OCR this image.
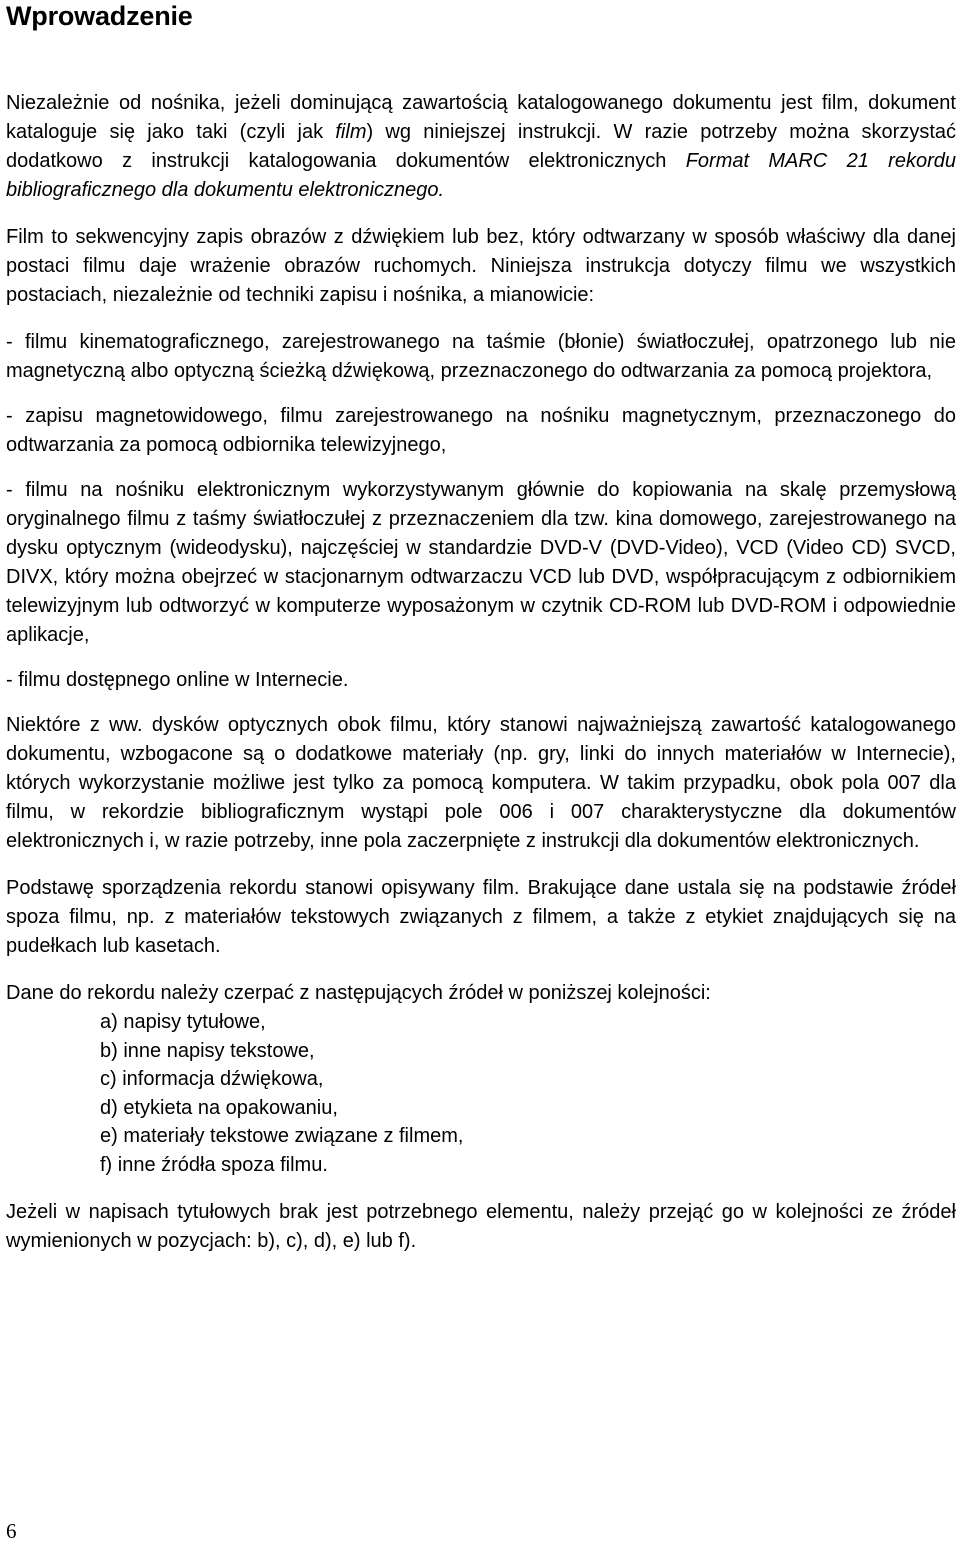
Wprowadzenie

Niezależnie od nośnika, jeżeli dominującą zawartością katalogowanego dokumentu jest film, dokument kataloguje się jako taki (czyli jak film) wg niniejszej instrukcji. W razie potrzeby można skorzystać dodatkowo z instrukcji katalogowania dokumentów elektronicznych Format MARC 21 rekordu bibliograficznego dla dokumentu elektronicznego.

Film to sekwencyjny zapis obrazów z dźwiękiem lub bez, który odtwarzany w sposób właściwy dla danej postaci filmu daje wrażenie obrazów ruchomych. Niniejsza instrukcja dotyczy filmu we wszystkich postaciach, niezależnie od techniki zapisu i nośnika, a mianowicie:

- filmu kinematograficznego, zarejestrowanego na taśmie (błonie) światłoczułej, opatrzonego lub nie magnetyczną albo optyczną ścieżką dźwiękową, przeznaczonego do odtwarzania za pomocą projektora,

- zapisu magnetowidowego, filmu zarejestrowanego na nośniku magnetycznym, przeznaczonego do odtwarzania za pomocą odbiornika telewizyjnego,

- filmu na nośniku elektronicznym wykorzystywanym głównie do kopiowania na skalę przemysłową oryginalnego filmu z taśmy światłoczułej z przeznaczeniem dla tzw. kina domowego, zarejestrowanego na dysku optycznym (wideodysku), najczęściej w standardzie DVD-V (DVD-Video), VCD (Video CD) SVCD, DIVX, który można obejrzeć w stacjonarnym odtwarzaczu VCD lub DVD, współpracującym z odbiornikiem telewizyjnym lub odtworzyć w komputerze wyposażonym w czytnik CD-ROM lub DVD-ROM i odpowiednie aplikacje,

- filmu dostępnego online w Internecie.

Niektóre z ww. dysków optycznych obok filmu, który stanowi najważniejszą zawartość katalogowanego dokumentu, wzbogacone są o dodatkowe materiały (np. gry, linki do innych materiałów w Internecie), których wykorzystanie możliwe jest tylko za pomocą komputera. W takim przypadku, obok pola 007 dla filmu, w rekordzie bibliograficznym wystąpi pole 006 i 007 charakterystyczne dla dokumentów elektronicznych i, w razie potrzeby, inne pola zaczerpnięte z instrukcji dla dokumentów elektronicznych.

Podstawę sporządzenia rekordu stanowi opisywany film. Brakujące dane ustala się na podstawie źródeł spoza filmu, np. z materiałów tekstowych związanych z filmem, a także z etykiet znajdujących się na pudełkach lub kasetach.

Dane do rekordu należy czerpać z następujących źródeł w poniższej kolejności:

a) napisy tytułowe,
b) inne napisy tekstowe,
c) informacja dźwiękowa,
d) etykieta na opakowaniu,
e) materiały tekstowe związane z filmem,
f) inne źródła spoza filmu.

Jeżeli w napisach tytułowych brak jest potrzebnego elementu, należy przejąć go w kolejności ze źródeł wymienionych w pozycjach: b), c), d), e) lub f).

6
